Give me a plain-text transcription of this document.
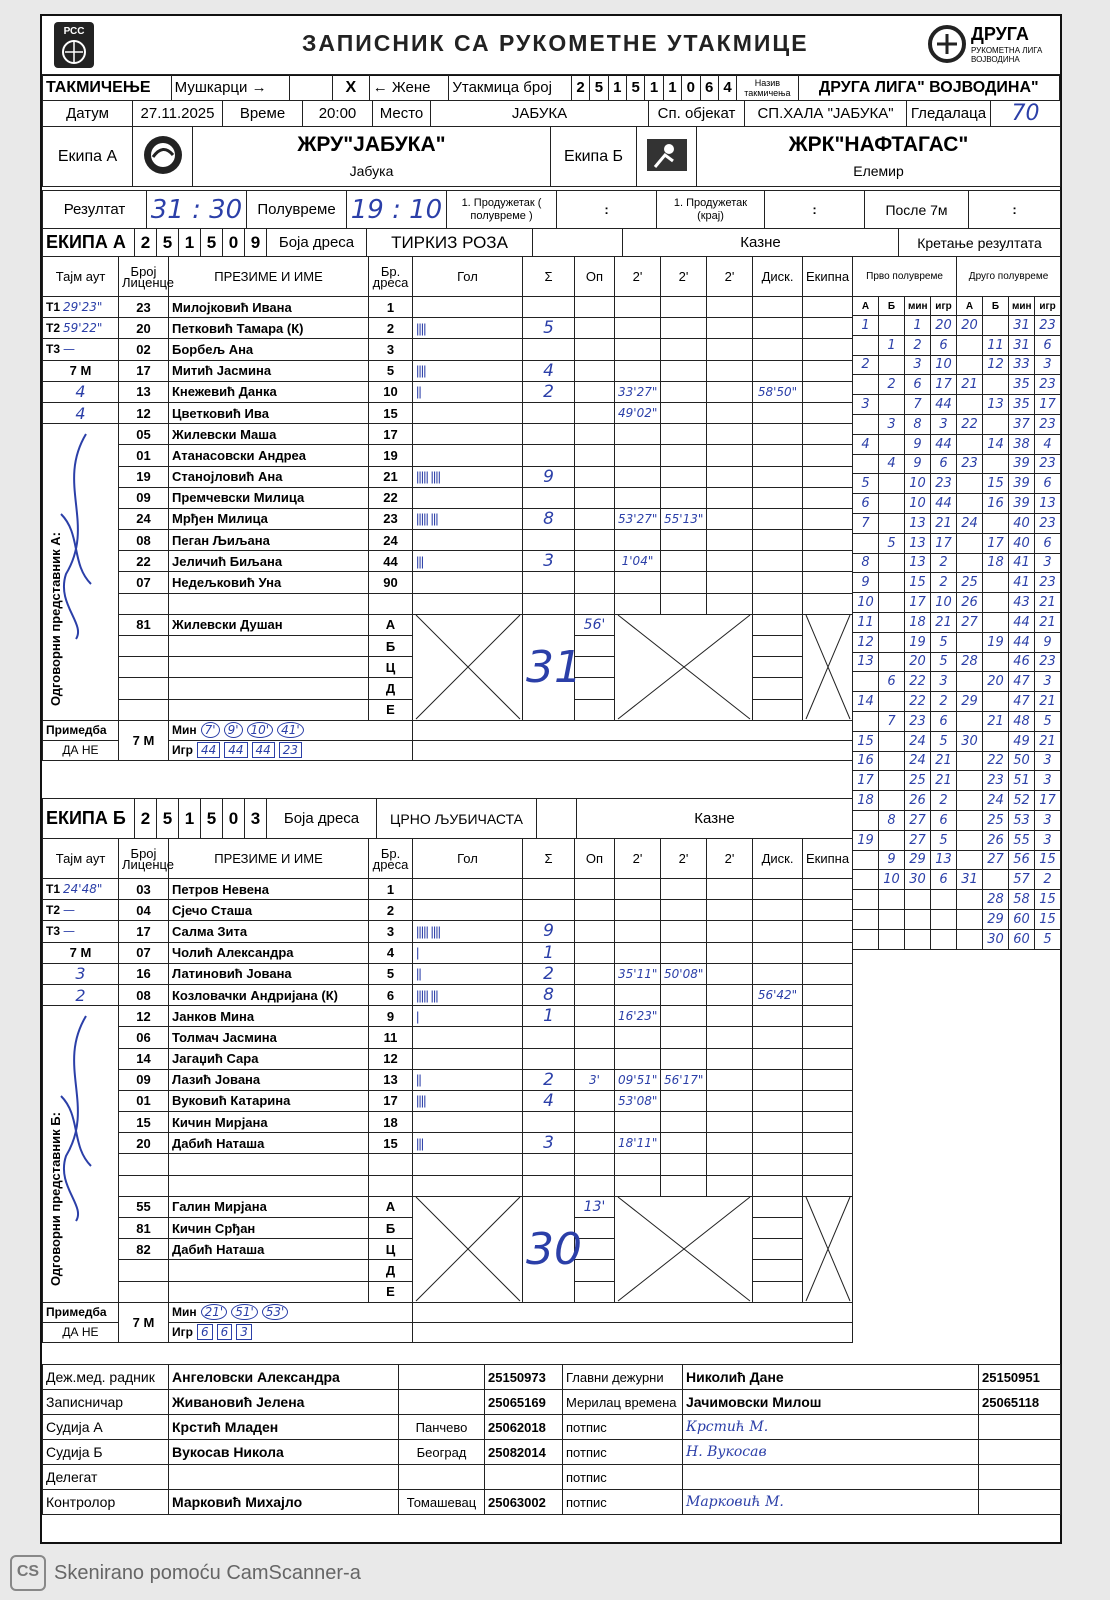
РСС	ЗАПИСНИК СА РУКОМЕТНЕ УТАКМИЦЕ	ДРУГА
РУКОМЕТНА ЛИГА ВОЈВОДИНА
ТАКМИЧЕЊЕ	Мушкарци →		X	← Жене	Утакмица број	2	5	1	5	1	1	0	6	4	Назив такмичења	ДРУГА ЛИГА" ВОЈВОДИНА"
Датум	27.11.2025	Време	20:00	Место	ЈАБУКА	Сп. објекат	СП.ХАЛА "ЈАБУКА"	Гледалаца	70
Екипа А		ЖРУ"ЈАБУКА"
Јабука
	Екипа Б		ЖРК"НАФТАГАС"
Елемир
Резултат	31 : 30	Полувреме	19 : 10	1. Продужетак ( полувреме )	:	1. Продужетак (крај)	:	После 7м	:
ЕКИПА А	2	5	1	5	0	9	Боја дреса	ТИРКИЗ РОЗА		Казне	Кретање резултата
Тајм аут	Број Лиценце	ПРЕЗИМЕ И ИМЕ	Бр. дреса	Гол	Σ	Оп	2'	2'	2'	Диск.	Екипна
T1 29'23"	23	Милојковић Ивана	1								
T2 59'22"	20	Петковић Тамара (К)	2	||||	5						
T3 —	02	Борбељ Ана	3								
7 M	17	Митић Јасмина	5	||||	4						
4	13	Кнежевић Данка	10	||	2		33'27"			58'50"	
4	12	Цветковић Ива	15				49'02"				

	05	Жилевски Маша	17								
	01	Атанасовски Андреа	19								
	19	Станојловић Ана	21	||||| ||||	9						
	09	Премчевски Милица	22								
	24	Мрђен Милица	23	||||| |||	8		53'27"	55'13"			
	08	Пеган Љиљана	24								
	22	Јеличић Биљана	44	|||	3		1'04"				
	07	Недељковић Уна	90								

	81	Жилевски Душан	А		31	56'	

			Б								
			Ц								
			Д								
			Е								
Примедба	7 M	Мин 7' 9' 10' 41'									
ДА НЕ		Игр 44 44 44 23									
Прво полувреме				Друго полувреме			
А	Б	мин	игр	А	Б	мин	игр
1		1	20	20		31	23
	1	2	6		11	31	6
2		3	10		12	33	3
	2	6	17	21		35	23
3		7	44		13	35	17
	3	8	3	22		37	23
4		9	44		14	38	4
	4	9	6	23		39	23
5		10	23		15	39	6
6		10	44		16	39	13
7		13	21	24		40	23
	5	13	17		17	40	6
8		13	2		18	41	3
9		15	2	25		41	23
10		17	10	26		43	21
11		18	21	27		44	21
12		19	5		19	44	9
13		20	5	28		46	23
	6	22	3		20	47	3
14		22	2	29		47	21
	7	23	6		21	48	5
15		24	5	30		49	21
16		24	21		22	50	3
17		25	21		23	51	3
18		26	2		24	52	17
	8	27	6		25	53	3
19		27	5		26	55	3
	9	29	13		27	56	15
	10	30	6	31		57	2
					28	58	15
					29	60	15
					30	60	5
ЕКИПА Б	2	5	1	5	0	3	Боја дреса	ЦРНО ЉУБИЧАСТА		Казне
Тајм аут	Број Лиценце	ПРЕЗИМЕ И ИМЕ	Бр. дреса	Гол	Σ	Оп	2'	2'	2'	Диск.	Екипна
T1 24'48"	03	Петров Невена	1								
T2 —	04	Сјечо Сташа	2								
T3 —	17	Салма Зита	3	||||| ||||	9						
7 M	07	Чолић Александра	4	|	1						
3	16	Латиновић Јована	5	||	2		35'11"	50'08"			
2	08	Козловачки Андријана (К)	6	||||| |||	8					56'42"	

	12	Јанков Мина	9	|	1		16'23"				
	06	Толмач Јасмина	11								
	14	Јагаџић Сара	12								
	09	Лазић Јована	13	||	2	3'	09'51"	56'17"			
	01	Вуковић Катарина	17	||||	4		53'08"				
	15	Кичин Мирјана	18								
	20	Дабић Наташа	15	|||	3		18'11"				

	55	Галин Мирјана	А		30	13'	

	81	Кичин Срђан	Б								
	82	Дабић Наташа	Ц								
			Д								
			Е								
Примедба	7 M	Мин 21' 51' 53'									
ДА НЕ		Игр 6 6 3									
Деж.мед. радник	Ангеловски Александра		25150973	Главни дежурни	Николић Дане	25150951
Записничар	Живановић Јелена		25065169	Мерилац времена	Јачимовски Милош	25065118
Судија А	Крстић Младен	Панчево	25062018	потпис	Крстић М.	
Судија Б	Вукосав Никола	Београд	25082014	потпис	Н. Вукосав	
Делегат				потпис		
Контролор	Марковић Михајло	Томашевац	25063002	потпис	Марковић М.	
Одговорни представник А:
Одговорни представник Б:
CS Skenirano pomoću CamScanner-a
